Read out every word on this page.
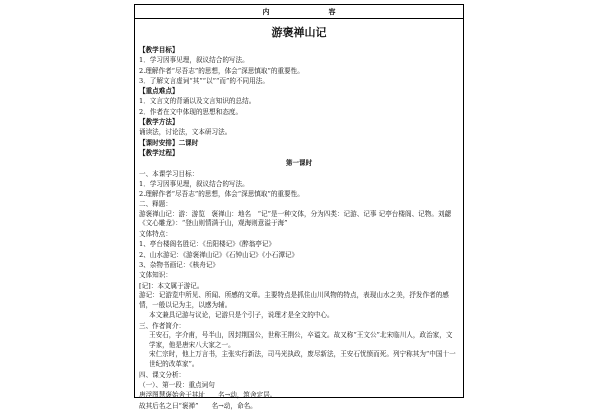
内　容
游褒禅山记
【教学目标】
1．学习因事见理，叙议结合的写法。
2.理解作者“尽吾志”的思想，体会“深思慎取”的重要性。
3．了解文言虚词“其”“以”“而”的不同用法。
【重点难点】
1．文言文的背诵以及文言知识的总结。
2．作者在文中体现的思想和态度。
【教学方法】
诵读法，讨论法，文本研习法。
【课时安排】二课时
【教学过程】
第一课时
一、本课学习目标：
1．学习因事见理，叙议结合的写法。
2.理解作者“尽吾志”的思想，体会“深思慎取”的重要性。
二、释题：
游褒禅山记：游：游览　褒禅山：地名　“记”是一种文体，分为四类：记游、记事 记亭台楼阁、记物。刘勰《文心雕龙》：“登山则情满于山，观海则意溢于海”
文体特点：
1、亭台楼阁名胜记：《岳阳楼记》《醉翁亭记》
2、山水游记：《游褒禅山记》《石钟山记》《小石潭记》
3、杂物书画记：《核舟记》
文体知识：
[记]：本文属于游记。
游记：记游览中所见、所闻、所感的文章。主要特点是抓住山川风物的特点，表现山水之美，抒发作者的感情，一般以记为主，以感为辅。
本文兼具记游与议论，记游只是个引子，说理才是全文的中心。
三、作者简介：
王安石，字介甫，号半山，因封荆国公，世称王荆公，卒谥文。故又称“王文公”北宋临川人，政治家，文学家，他是唐宋八大家之一。
宋仁宗时，他上万言书，主张实行新法，司马光执政，废尽新法，王安石忧愤而死。列宁称其为“中国十一世纪的改革家”。
四、课文分析：
（一）、第一段：重点词句
唐浮图慧褒始舍于其址　　名→动，筑舍定居。
故其后名之曰“褒禅”　　名→动，命名。
